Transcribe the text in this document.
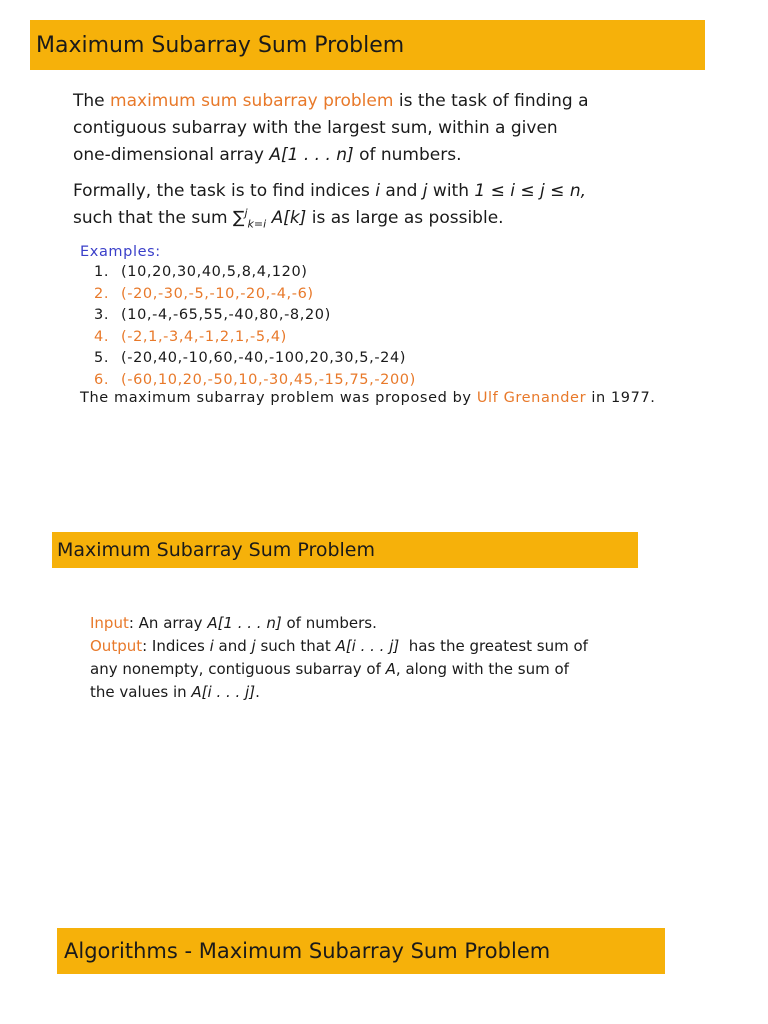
Maximum Subarray Sum Problem
The maximum sum subarray problem is the task of finding a
contiguous subarray with the largest sum, within a given
one-dimensional array A[1 . . . n] of numbers.
Formally, the task is to find indices i and j with 1 ≤ i ≤ j ≤ n,
such that the sum ∑$^j_{k=i}$ A[k] is as large as possible.
Examples:
1. (10,20,30,40,5,8,4,120)
2. (-20,-30,-5,-10,-20,-4,-6)
3. (10,-4,-65,55,-40,80,-8,20)
4. (-2,1,-3,4,-1,2,1,-5,4)
5. (-20,40,-10,60,-40,-100,20,30,5,-24)
6. (-60,10,20,-50,10,-30,45,-15,75,-200)
The maximum subarray problem was proposed by Ulf Grenander in 1977.
Maximum Subarray Sum Problem
Input: An array A[1 . . . n] of numbers.
Output: Indices i and j such that A[i . . . j]  has the greatest sum of
any nonempty, contiguous subarray of A, along with the sum of
the values in A[i . . . j].
Algorithms - Maximum Subarray Sum Problem
